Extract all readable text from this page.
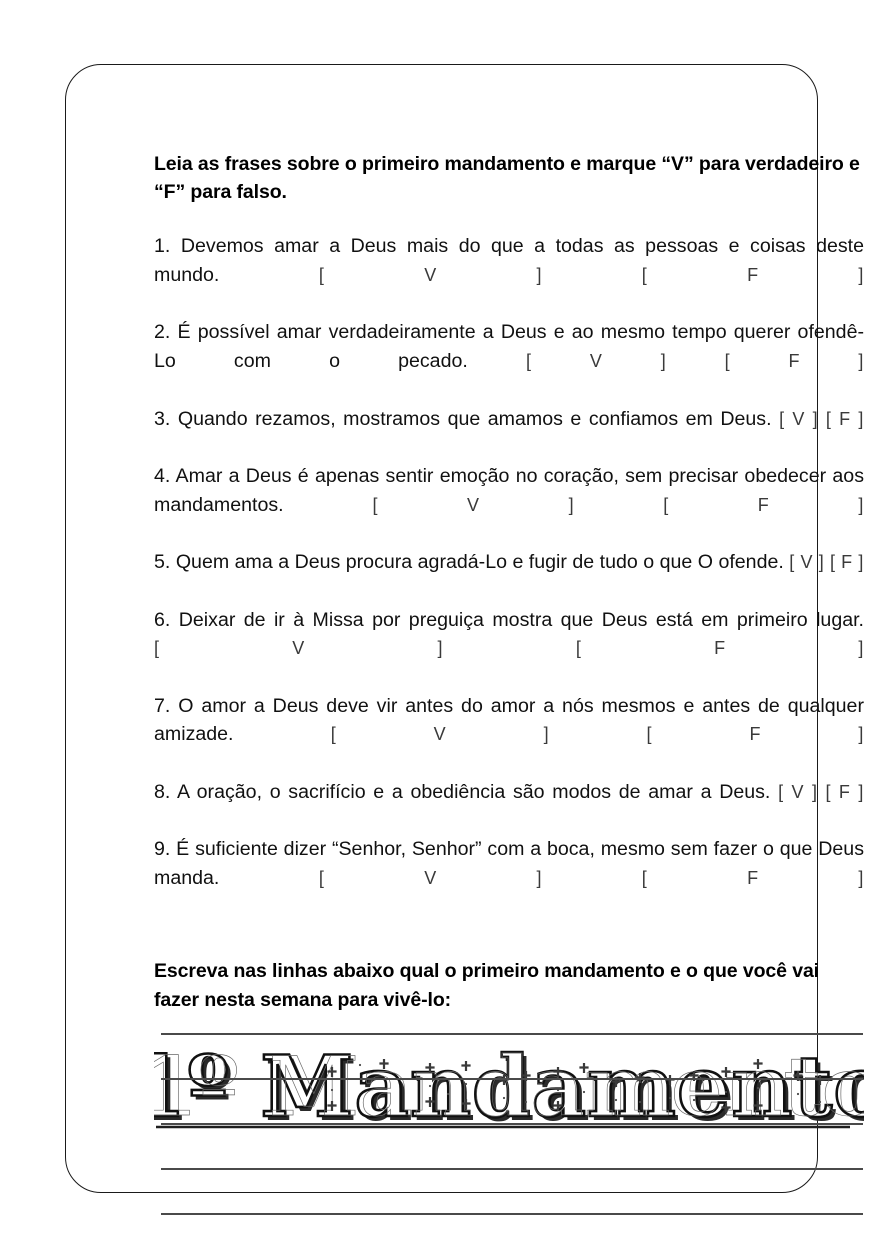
Leia as frases sobre o primeiro mandamento e marque “V” para verdadeiro e “F” para falso.
1. Devemos amar a Deus mais do que a todas as pessoas e coisas deste mundo.	[ V ] [ F ]
2. É possível amar verdadeiramente a Deus e ao mesmo tempo querer ofendê-Lo com o pecado.	[ V ] [ F ]
3. Quando rezamos, mostramos que amamos e confiamos em Deus. [ V ] [ F ]
4. Amar a Deus é apenas sentir emoção no coração, sem precisar obedecer aos mandamentos.	[ V ] [ F ]
5. Quem ama a Deus procura agradá-Lo e fugir de tudo o que O ofende. [ V ] [ F ]
6. Deixar de ir à Missa por preguiça mostra que Deus está em primeiro lugar. [ V ] [ F ]
7. O amor a Deus deve vir antes do amor a nós mesmos e antes de qualquer amizade.	[ V ] [ F ]
8. A oração, o sacrifício e a obediência são modos de amar a Deus. [ V ] [ F ]
9. É suficiente dizer “Senhor, Senhor” com a boca, mesmo sem fazer o que Deus manda.	[ V ] [ F ]
Escreva nas linhas abaixo qual o primeiro mandamento e o que você vai fazer nesta semana para vivê-lo:
